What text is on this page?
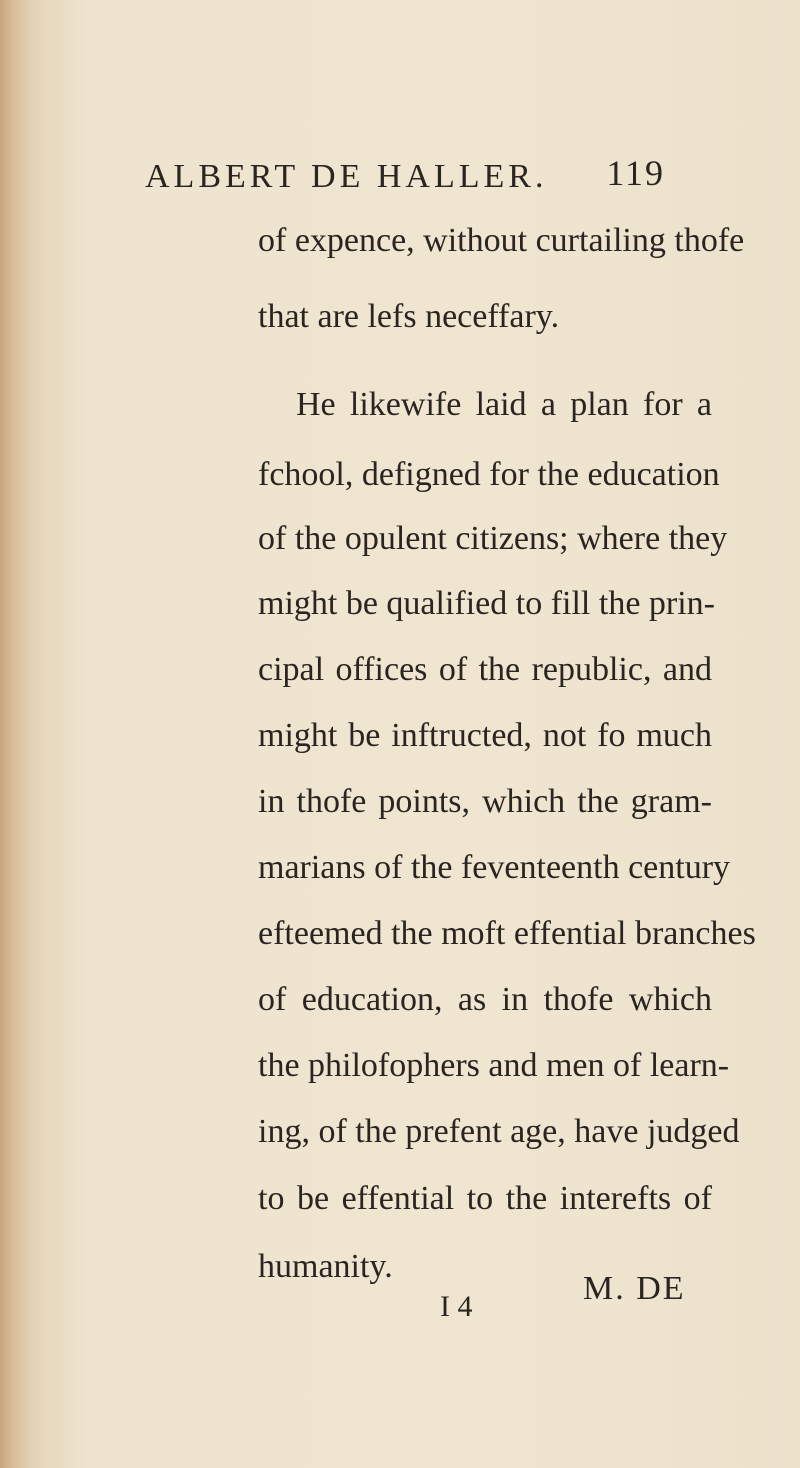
ALBERT DE HALLER. 119
of expence, without curtailing thofe
that are lefs neceffary.
He likewife laid a plan for a
fchool, defigned for the education
of the opulent citizens; where they
might be qualified to fill the prin-
cipal offices of the republic, and
might be inftructed, not fo much
in thofe points, which the gram-
marians of the feventeenth century
efteemed the moft effential branches
of education, as in thofe which
the philofophers and men of learn-
ing, of the prefent age, have judged
to be effential to the interefts of
humanity.
I 4	M. DE
